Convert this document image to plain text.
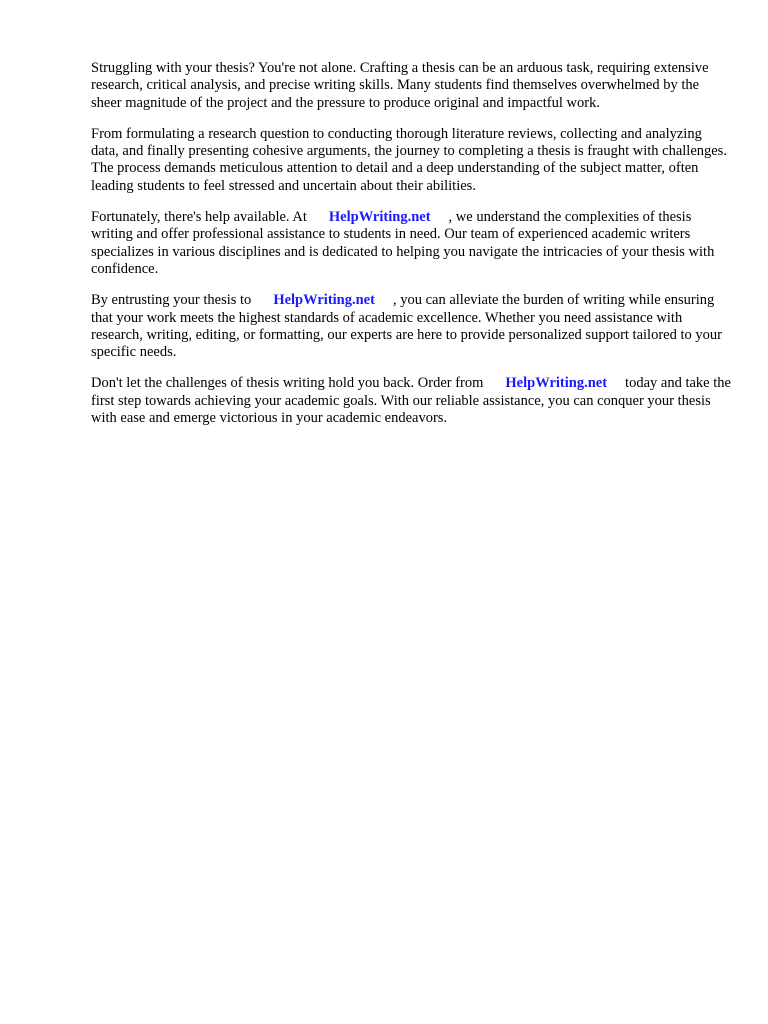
Struggling with your thesis? You're not alone. Crafting a thesis can be an arduous task, requiring extensive research, critical analysis, and precise writing skills. Many students find themselves overwhelmed by the sheer magnitude of the project and the pressure to produce original and impactful work.

From formulating a research question to conducting thorough literature reviews, collecting and analyzing data, and finally presenting cohesive arguments, the journey to completing a thesis is fraught with challenges. The process demands meticulous attention to detail and a deep understanding of the subject matter, often leading students to feel stressed and uncertain about their abilities.

Fortunately, there's help available. At HelpWriting.net , we understand the complexities of thesis writing and offer professional assistance to students in need. Our team of experienced academic writers specializes in various disciplines and is dedicated to helping you navigate the intricacies of your thesis with confidence.

By entrusting your thesis to HelpWriting.net , you can alleviate the burden of writing while ensuring that your work meets the highest standards of academic excellence. Whether you need assistance with research, writing, editing, or formatting, our experts are here to provide personalized support tailored to your specific needs.

Don't let the challenges of thesis writing hold you back. Order from HelpWriting.net today and take the first step towards achieving your academic goals. With our reliable assistance, you can conquer your thesis with ease and emerge victorious in your academic endeavors.
